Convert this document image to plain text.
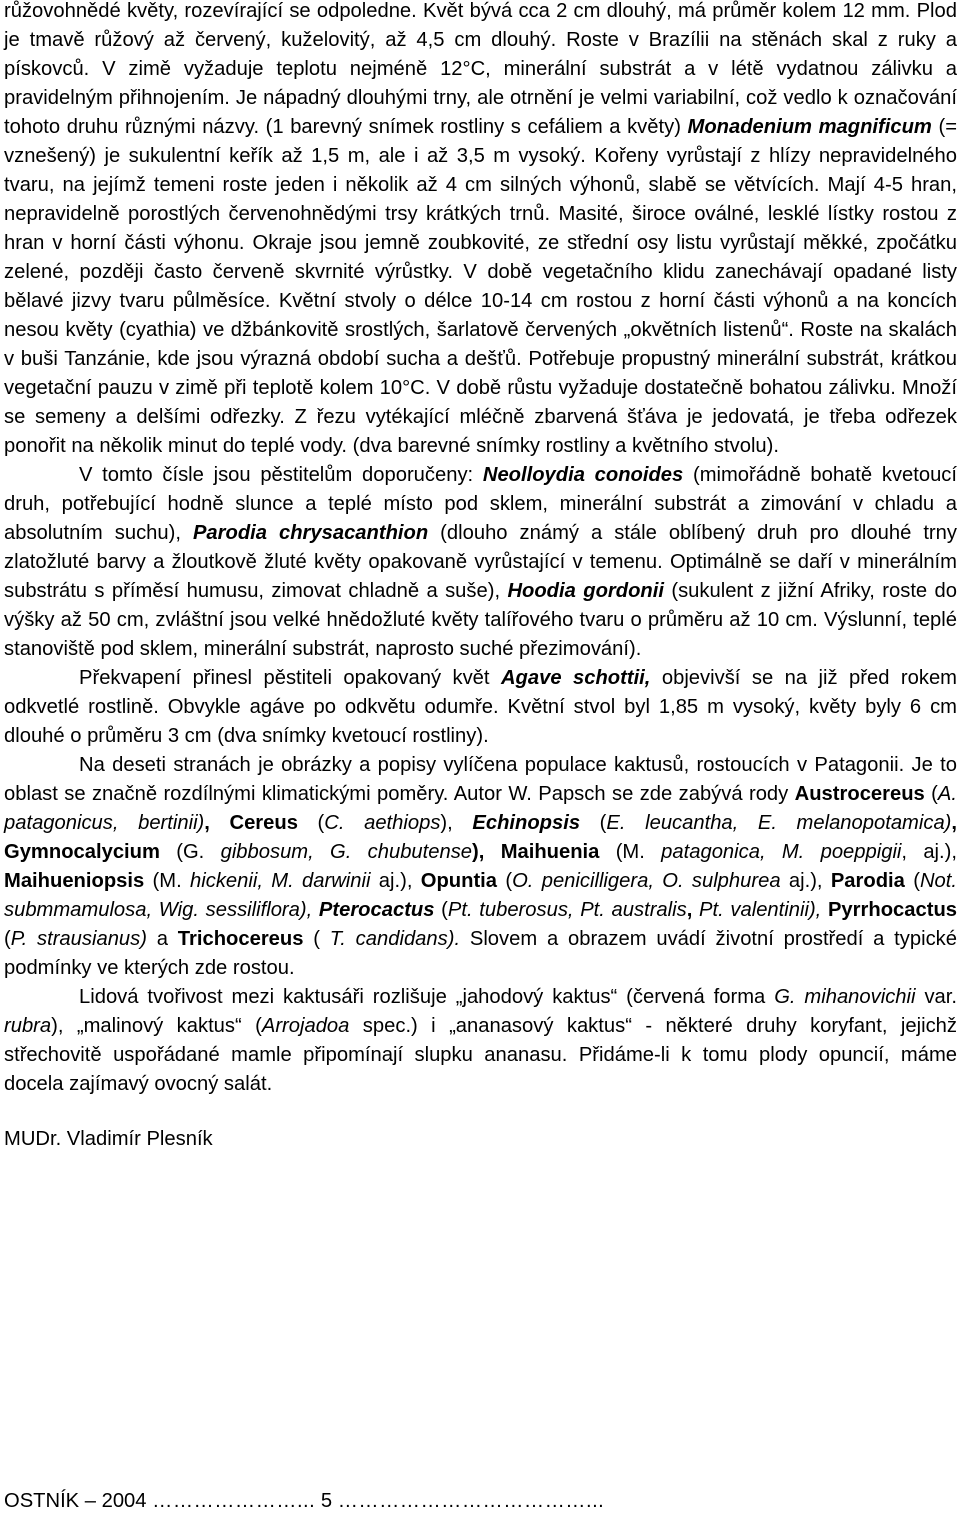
růžovohnědé květy, rozevírající se odpoledne. Květ bývá cca 2 cm dlouhý, má průměr kolem 12 mm. Plod je tmavě růžový až červený, kuželovitý, až 4,5 cm dlouhý. Roste v Brazílii na stěnách skal z ruky a pískovců. V zimě vyžaduje teplotu nejméně 12°C, minerální substrát a v létě vydatnou zálivku a pravidelným přihnojením. Je nápadný dlouhými trny, ale otrnění je velmi variabilní, což vedlo k označování tohoto druhu různými názvy. (1 barevný snímek rostliny s cefáliem a květy) Monadenium magnificum (= vznešený) je sukulentní keřík až 1,5 m, ale i až 3,5 m vysoký. Kořeny vyrůstají z hlízy nepravidelného tvaru, na jejímž temeni roste jeden i několik až 4 cm silných výhonů, slabě se větvících. Mají 4-5 hran, nepravidelně porostlých červenohnědými trsy krátkých trnů. Masité, široce oválné, lesklé lístky rostou z hran v horní části výhonu. Okraje jsou jemně zoubkovité, ze střední osy listu vyrůstají měkké, zpočátku zelené, později často červeně skvrnité výrůstky. V době vegetačního klidu zanechávají opadané listy bělavé jizvy tvaru půlměsíce. Květní stvoly o délce 10-14 cm rostou z horní části výhonů a na koncích nesou květy (cyathia) ve džbánkovitě srostlých, šarlatově červených „okvětních listenů“. Roste na skalách v buši Tanzánie, kde jsou výrazná období sucha a dešťů. Potřebuje propustný minerální substrát, krátkou vegetační pauzu v zimě při teplotě kolem 10°C. V době růstu vyžaduje dostatečně bohatou zálivku. Množí se semeny a delšími odřezky. Z řezu vytékající mléčně zbarvená šťáva je jedovatá, je třeba odřezek ponořit na několik minut do teplé vody. (dva barevné snímky rostliny a květního stvolu).

V tomto čísle jsou pěstitelům doporučeny: Neolloydia conoides (mimořádně bohatě kvetoucí druh, potřebující hodně slunce a teplé místo pod sklem, minerální substrát a zimování v chladu a absolutním suchu), Parodia chrysacanthion (dlouho známý a stále oblíbený druh pro dlouhé trny zlatožluté barvy a žloutkově žluté květy opakovaně vyrůstající v temenu. Optimálně se daří v minerálním substrátu s příměsí humusu, zimovat chladně a suše), Hoodia gordonii (sukulent z jižní Afriky, roste do výšky až 50 cm, zvláštní jsou velké hnědožluté květy talířového tvaru o průměru až 10 cm. Výslunní, teplé stanoviště pod sklem, minerální substrát, naprosto suché přezimování).

Překvapení přinesl pěstiteli opakovaný květ Agave schottii, objevivší se na již před rokem odkvetlé rostlině. Obvykle agáve po odkvětu odumře. Květní stvol byl 1,85 m vysoký, květy byly 6 cm dlouhé o průměru 3 cm (dva snímky kvetoucí rostliny).

Na deseti stranách je obrázky a popisy vylíčena populace kaktusů, rostoucích v Patagonii. Je to oblast se značně rozdílnými klimatickými poměry. Autor W. Papsch se zde zabývá rody Austrocereus (A. patagonicus, bertinii), Cereus (C. aethiops), Echinopsis (E. leucantha, E. melanopotamica), Gymnocalycium (G. gibbosum, G. chubutense), Maihuenia (M. patagonica, M. poeppigii, aj.), Maihueniopsis (M. hickenii, M. darwinii aj.), Opuntia (O. penicilligera, O. sulphurea aj.), Parodia (Not. submmamulosa, Wig. sessiliflora), Pterocactus (Pt. tuberosus, Pt. australis, Pt. valentinii), Pyrrhocactus (P. strausianus) a Trichocereus ( T. candidans). Slovem a obrazem uvádí životní prostředí a typické podmínky ve kterých zde rostou.

Lidová tvořivost mezi kaktusáři rozlišuje „jahodový kaktus“ (červená forma G. mihanovichii var. rubra), „malinový kaktus“ (Arrojadoa spec.) i „ananasový kaktus“ - některé druhy koryfant, jejichž střechovitě uspořádané mamle připomínají slupku ananasu. Přidáme-li k tomu plody opuncií, máme docela zajímavý ovocný salát.

MUDr. Vladimír Plesník

OSTNÍK – 2004 …………………... 5 ………………………………...
